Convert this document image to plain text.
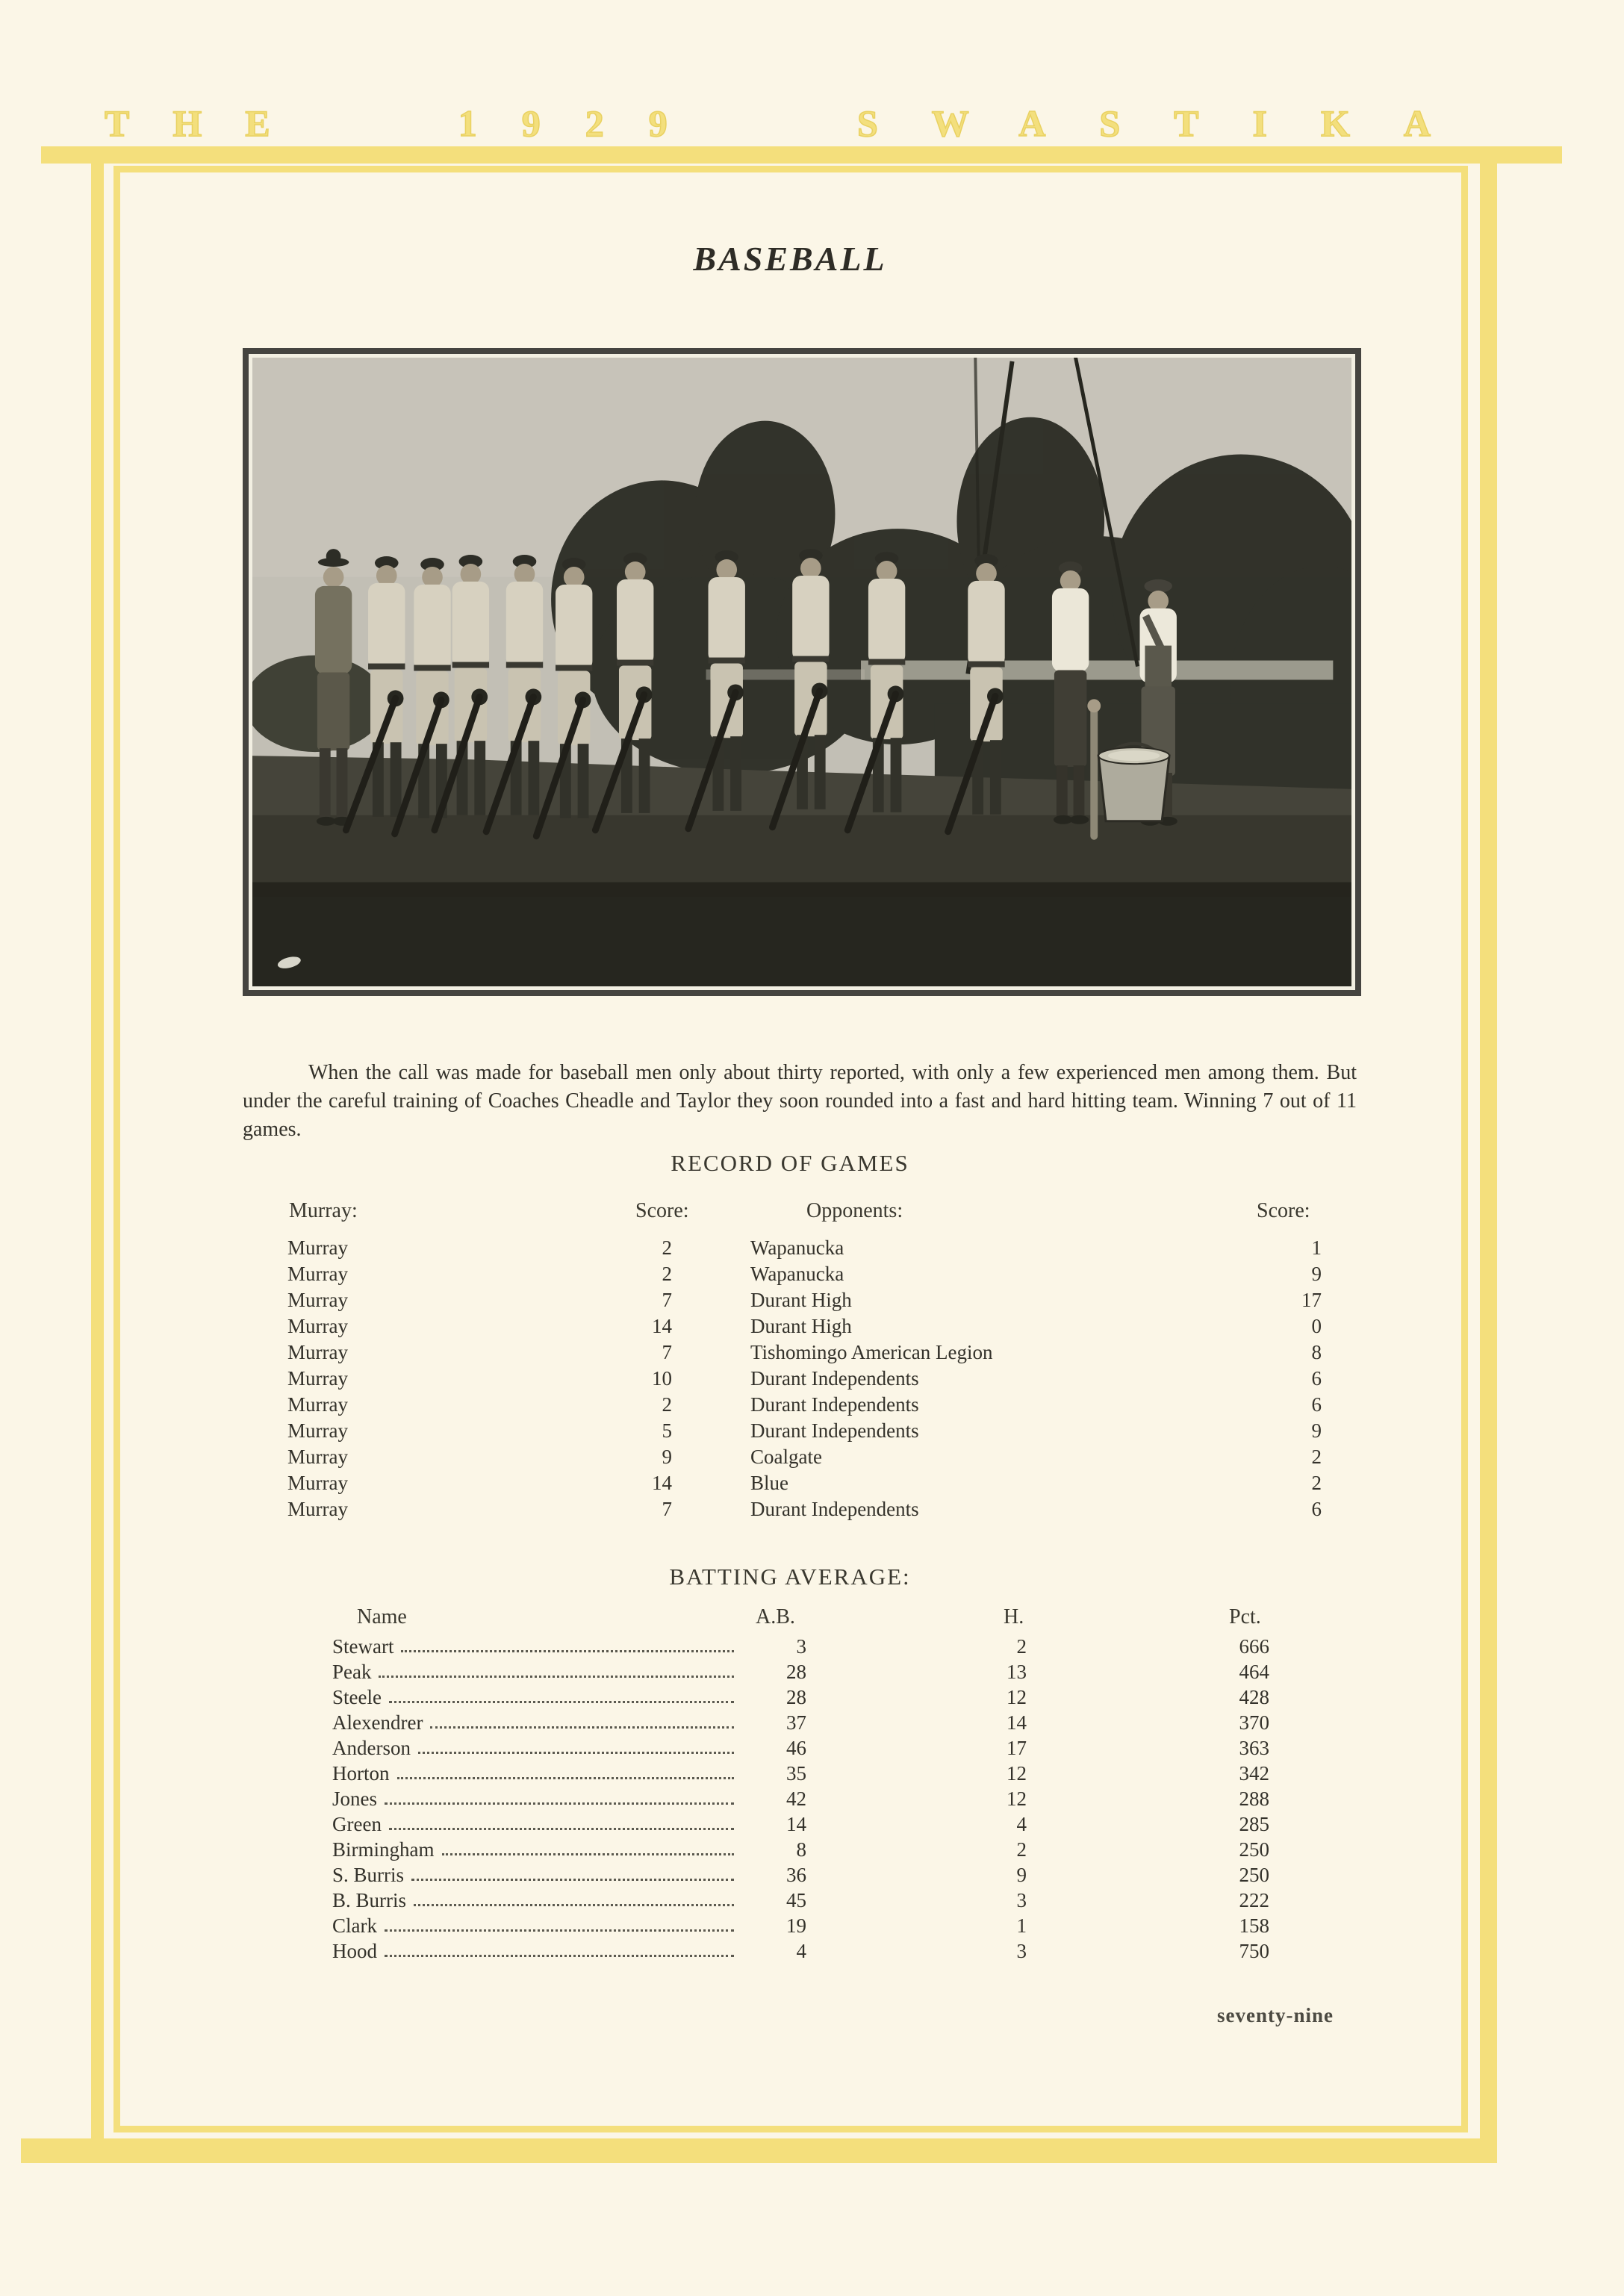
THE	1929	SWASTIKA
BASEBALL

When the call was made for baseball men only about thirty reported, with only a few experienced men among them. But under the careful training of Coaches Cheadle and Taylor they soon rounded into a fast and hard hitting team. Winning 7 out of 11 games.

RECORD OF GAMES
Murray:	Score:	Opponents:	Score:
Murray	2	Wapanucka	1
Murray	2	Wapanucka	9
Murray	7	Durant High	17
Murray	14	Durant High	0
Murray	7	Tishomingo American Legion	8
Murray	10	Durant Independents	6
Murray	2	Durant Independents	6
Murray	5	Durant Independents	9
Murray	9	Coalgate	2
Murray	14	Blue	2
Murray	7	Durant Independents	6
BATTING AVERAGE:
Name	A.B.	H.	Pct.
Stewart	3	2	666
Peak	28	13	464
Steele	28	12	428
Alexendrer	37	14	370
Anderson	46	17	363
Horton	35	12	342
Jones	42	12	288
Green	14	4	285
Birmingham	8	2	250
S. Burris	36	9	250
B. Burris	45	3	222
Clark	19	1	158
Hood	4	3	750
seventy-nine
